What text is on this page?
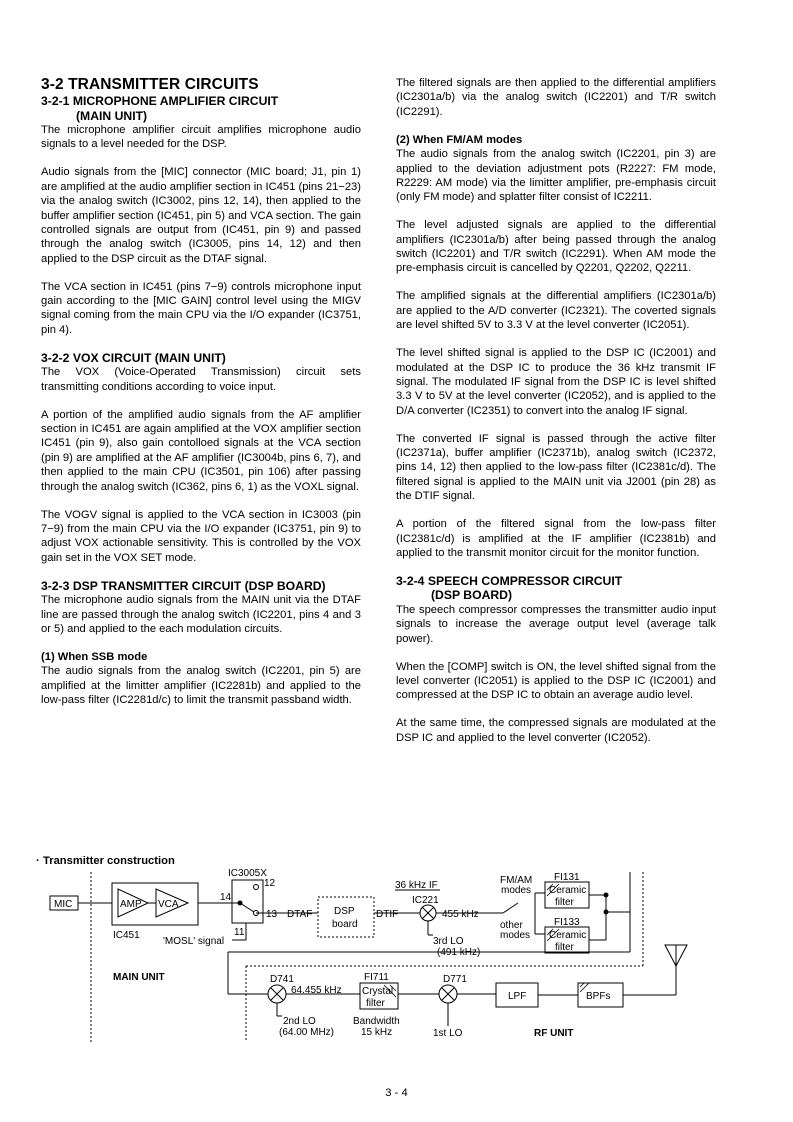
3-2 TRANSMITTER CIRCUITS
3-2-1 MICROPHONE AMPLIFIER CIRCUIT
(MAIN UNIT)

The microphone amplifier circuit amplifies microphone audio signals to a level needed for the DSP.

Audio signals from the [MIC] connector (MIC board; J1, pin 1) are amplified at the audio amplifier section in IC451 (pins 21−23) via the analog switch (IC3002, pins 12, 14), then applied to the buffer amplifier section (IC451, pin 5) and VCA section. The gain controlled signals are output from (IC451, pin 9) and passed through the analog switch (IC3005, pins 14, 12) and then applied to the DSP circuit as the DTAF signal.

The VCA section in IC451 (pins 7−9) controls microphone input gain according to the [MIC GAIN] control level using the MIGV signal coming from the main CPU via the I/O expander (IC3751, pin 4).

3-2-2 VOX CIRCUIT (MAIN UNIT)

The VOX (Voice-Operated Transmission) circuit sets transmitting conditions according to voice input.

A portion of the amplified audio signals from the AF amplifier section in IC451 are again amplified at the VOX amplifier section IC451 (pin 9), also gain contolloed signals at the VCA section (pin 9) are amplified at the AF amplifier (IC3004b, pins 6, 7), and then applied to the main CPU (IC3501, pin 106) after passing through the analog switch (IC362, pins 6, 1) as the VOXL signal.

The VOGV signal is applied to the VCA section in IC3003 (pin 7−9) from the main CPU via the I/O expander (IC3751, pin 9) to adjust VOX actionable sensitivity. This is controlled by the VOX gain set in the VOX SET mode.

3-2-3 DSP TRANSMITTER CIRCUIT (DSP BOARD)

The microphone audio signals from the MAIN unit via the DTAF line are passed through the analog switch (IC2201, pins 4 and 3 or 5) and applied to the each modulation circuits.

(1) When SSB mode

The audio signals from the analog switch (IC2201, pin 5) are amplified at the limitter amplifier (IC2281b) and applied to the low-pass filter (IC2281d/c) to limit the transmit passband width.

The filtered signals are then applied to the differential amplifiers (IC2301a/b) via the analog switch (IC2201) and T/R switch (IC2291).

(2) When FM/AM modes

The audio signals from the analog switch (IC2201, pin 3) are applied to the deviation adjustment pots (R2227: FM mode, R2229: AM mode) via the limitter amplifier, pre-emphasis circuit (only FM mode) and splatter filter consist of IC2211.

The level adjusted signals are applied to the differential amplifiers (IC2301a/b) after being passed through the analog switch (IC2201) and T/R switch (IC2291). When AM mode the pre-emphasis circuit is cancelled by Q2201, Q2202, Q2211.

The amplified signals at the differential amplifiers (IC2301a/b) are applied to the A/D converter (IC2321). The coverted signals are level shifted 5V to 3.3 V at the level converter (IC2051).

The level shifted signal is applied to the DSP IC (IC2001) and modulated at the DSP IC to produce the 36 kHz transmit IF signal. The modulated IF signal from the DSP IC is level shifted 3.3 V to 5V at the level converter (IC2052), and is applied to the D/A converter (IC2351) to convert into the analog IF signal.

The converted IF signal is passed through the active filter (IC2371a), buffer amplifier (IC2371b), analog switch (IC2372, pins 14, 12) then applied to the low-pass filter (IC2381c/d). The filtered signal is applied to the MAIN unit via J2001 (pin 28) as the DTIF signal.

A portion of the filtered signal from the low-pass filter (IC2381c/d) is amplified at the IF amplifier (IC2381b) and applied to the transmit monitor circuit for the monitor function.

3-2-4 SPEECH COMPRESSOR CIRCUIT
(DSP BOARD)

The speech compressor compresses the transmitter audio input signals to increase the average output level (average talk power).

When the [COMP] switch is ON, the level shifted signal from the level converter (IC2051) is applied to the DSP IC (IC2001) and compressed at the DSP IC to obtain an average audio level.

At the same time, the compressed signals are modulated at the DSP IC and applied to the level converter (IC2052).

· Transmitter construction
MIC	AMP VCA
IC451
IC3005X
12
14
13
11
'MOSL' signal
DTAF DSP
board
DTIF
36 kHz IF
IC221
3rd LO
(491 kHz)
455 kHz
FM/AM
modes
other
modes
FI131
Ceramic
filter
FI133
Ceramic
filter
MAIN UNIT	D741
2nd LO
(64.00 MHz)
64.455 kHz
FI711
Crystal
filter
Bandwidth
15 kHz
D771
1st LO
LPF	BPFs
RF UNIT
3 - 4
